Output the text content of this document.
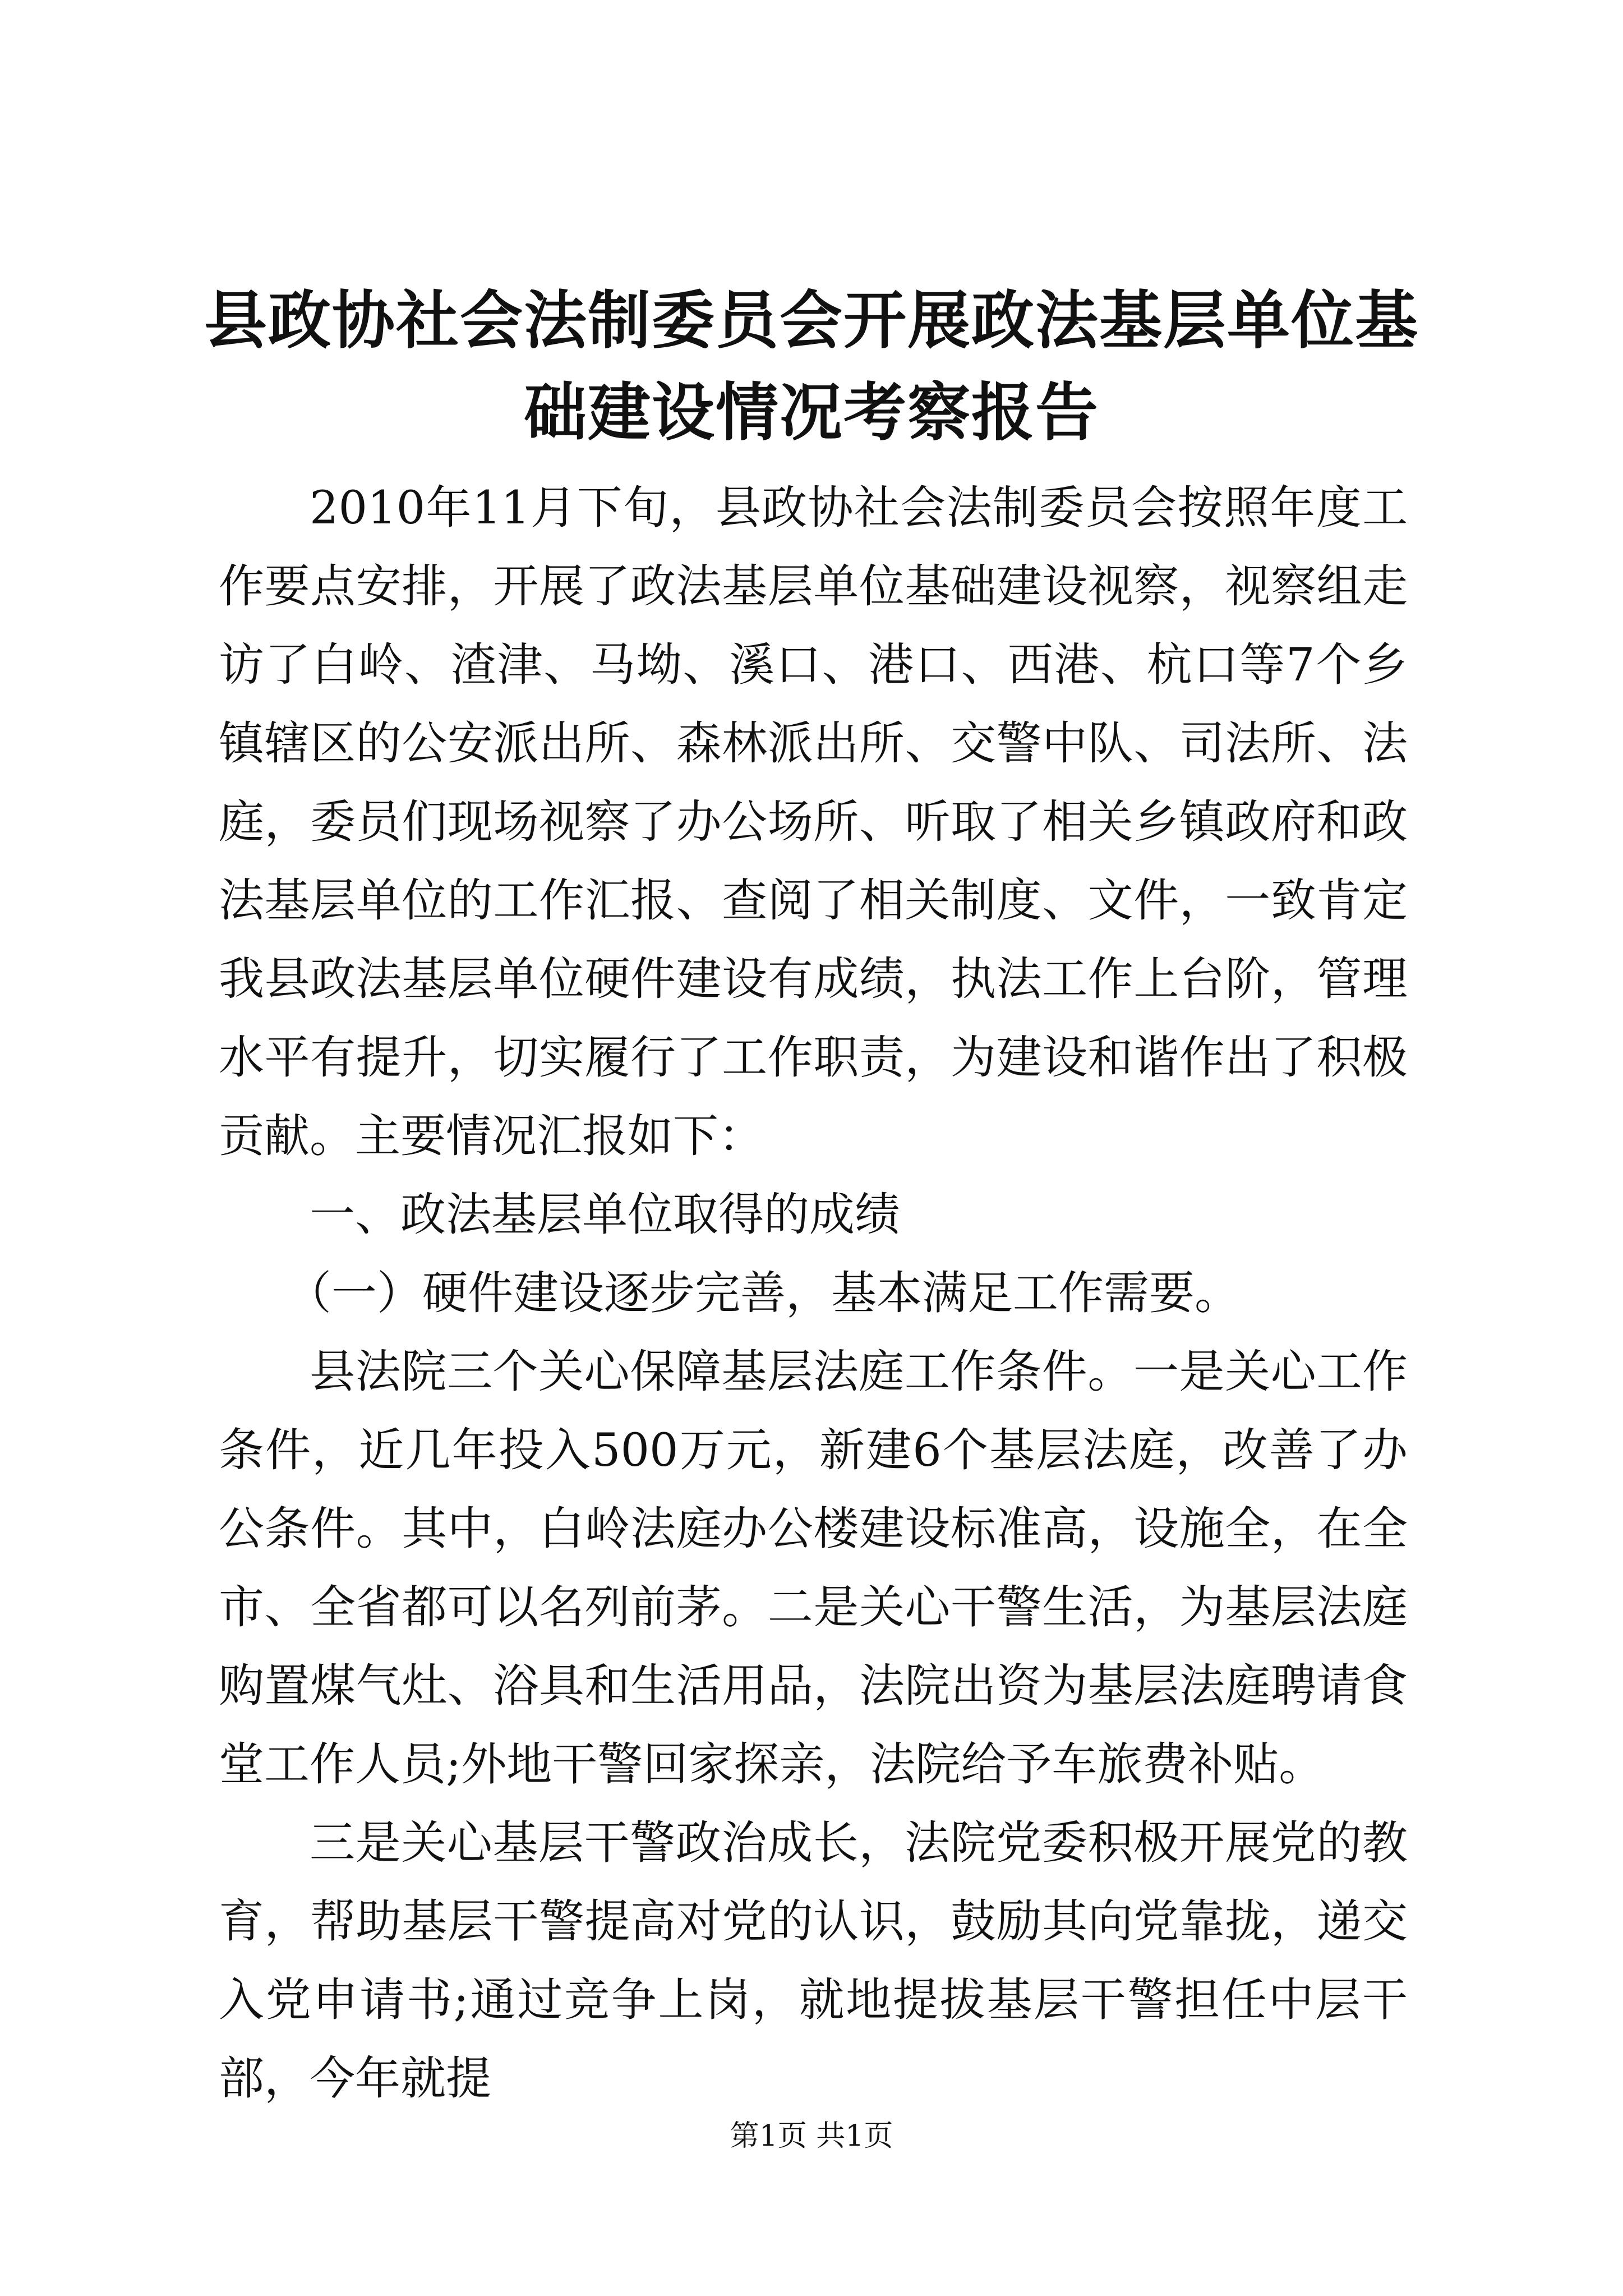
县政协社会法制委员会开展政法基层单位基础建设情况考察报告

2010年11月下旬，县政协社会法制委员会按照年度工作要点安排，开展了政法基层单位基础建设视察，视察组走访了白岭、渣津、马坳、溪口、港口、西港、杭口等7个乡镇辖区的公安派出所、森林派出所、交警中队、司法所、法庭，委员们现场视察了办公场所、听取了相关乡镇政府和政法基层单位的工作汇报、查阅了相关制度、文件，一致肯定我县政法基层单位硬件建设有成绩，执法工作上台阶，管理水平有提升，切实履行了工作职责，为建设和谐作出了积极贡献。主要情况汇报如下：

一、政法基层单位取得的成绩

（一）硬件建设逐步完善，基本满足工作需要。

县法院三个关心保障基层法庭工作条件。一是关心工作条件，近几年投入500万元，新建6个基层法庭，改善了办公条件。其中，白岭法庭办公楼建设标准高，设施全，在全市、全省都可以名列前茅。二是关心干警生活，为基层法庭购置煤气灶、浴具和生活用品，法院出资为基层法庭聘请食堂工作人员;外地干警回家探亲，法院给予车旅费补贴。

三是关心基层干警政治成长，法院党委积极开展党的教育，帮助基层干警提高对党的认识，鼓励其向党靠拢，递交入党申请书;通过竞争上岗，就地提拔基层干警担任中层干部，今年就提

第1页 共1页
